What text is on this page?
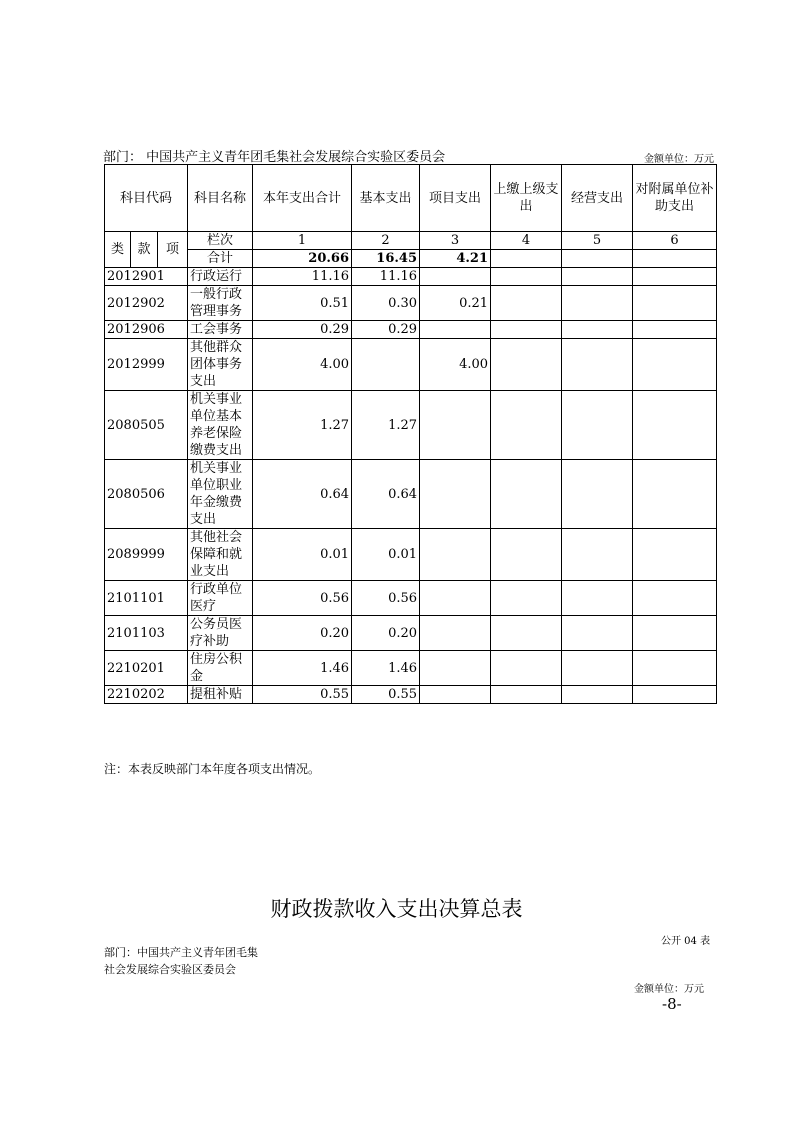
部门： 中国共产主义青年团毛集社会发展综合实验区委员会	金额单位：万元
科目代码			科目名称	本年支出合计	基本支出	项目支出	上缴上级支出	经营支出	对附属单位补助支出
类	款	项	栏次	1	2	3	4	5	6
			合计	20.66	16.45	4.21			
2012901			行政运行	11.16	11.16				
2012902			一般行政管理事务	0.51	0.30	0.21			
2012906			工会事务	0.29	0.29				
2012999			其他群众团体事务支出	4.00		4.00			
2080505			机关事业单位基本养老保险缴费支出	1.27	1.27				
2080506			机关事业单位职业年金缴费支出	0.64	0.64				
2089999			其他社会保障和就业支出	0.01	0.01				
2101101			行政单位医疗	0.56	0.56				
2101103			公务员医疗补助	0.20	0.20				
2210201			住房公积金	1.46	1.46				
2210202			提租补贴	0.55	0.55				
注：本表反映部门本年度各项支出情况。
财政拨款收入支出决算总表
公开 04 表
部门：中国共产主义青年团毛集社会发展综合实验区委员会
金额单位：万元
-8-
